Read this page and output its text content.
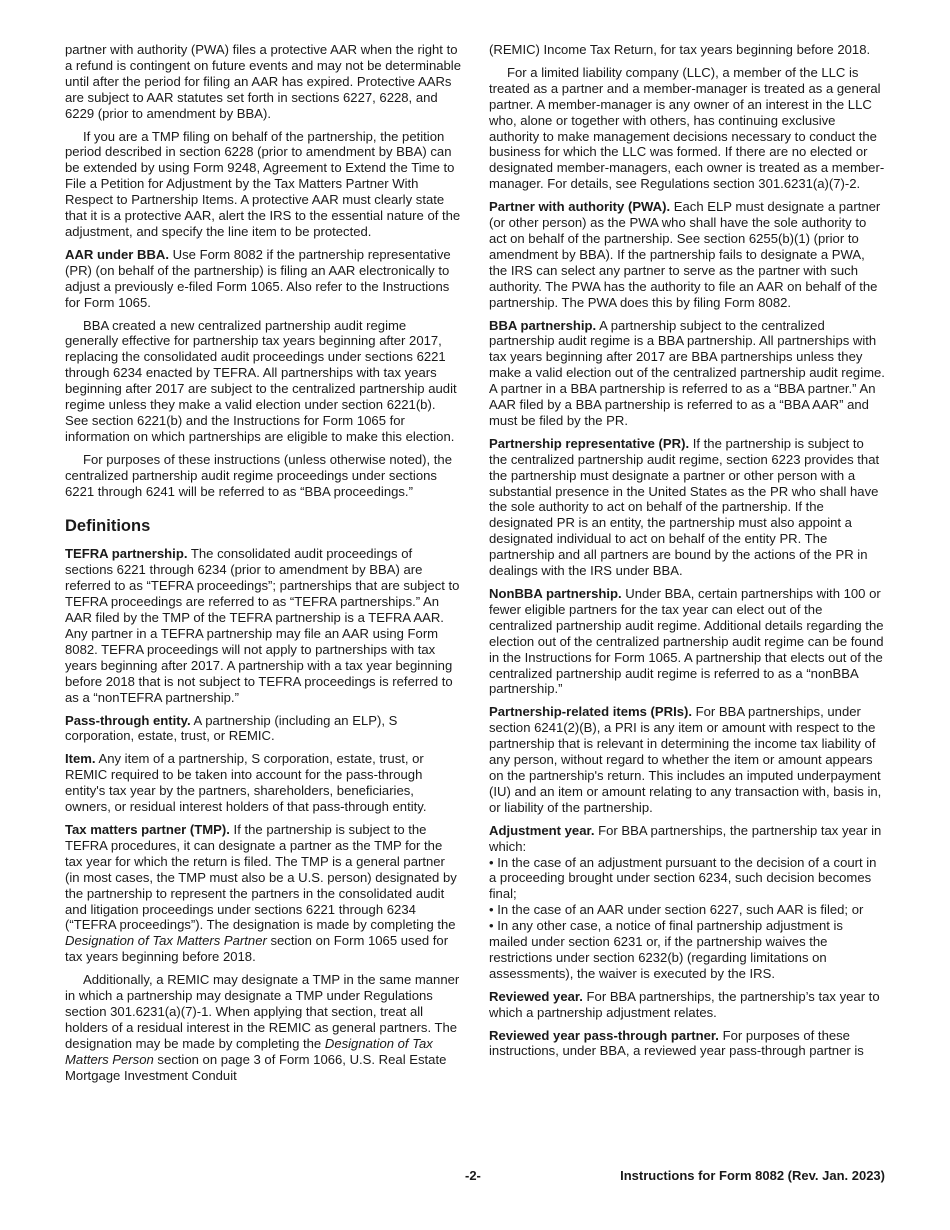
partner with authority (PWA) files a protective AAR when the right to a refund is contingent on future events and may not be determinable until after the period for filing an AAR has expired. Protective AARs are subject to AAR statutes set forth in sections 6227, 6228, and 6229 (prior to amendment by BBA).

If you are a TMP filing on behalf of the partnership, the petition period described in section 6228 (prior to amendment by BBA) can be extended by using Form 9248, Agreement to Extend the Time to File a Petition for Adjustment by the Tax Matters Partner With Respect to Partnership Items. A protective AAR must clearly state that it is a protective AAR, alert the IRS to the essential nature of the adjustment, and specify the line item to be protected.

AAR under BBA. Use Form 8082 if the partnership representative (PR) (on behalf of the partnership) is filing an AAR electronically to adjust a previously e-filed Form 1065. Also refer to the Instructions for Form 1065.

BBA created a new centralized partnership audit regime generally effective for partnership tax years beginning after 2017, replacing the consolidated audit proceedings under sections 6221 through 6234 enacted by TEFRA. All partnerships with tax years beginning after 2017 are subject to the centralized partnership audit regime unless they make a valid election under section 6221(b). See section 6221(b) and the Instructions for Form 1065 for information on which partnerships are eligible to make this election.

For purposes of these instructions (unless otherwise noted), the centralized partnership audit regime proceedings under sections 6221 through 6241 will be referred to as “BBA proceedings.”

Definitions

TEFRA partnership. The consolidated audit proceedings of sections 6221 through 6234 (prior to amendment by BBA) are referred to as “TEFRA proceedings”; partnerships that are subject to TEFRA proceedings are referred to as “TEFRA partnerships.” An AAR filed by the TMP of the TEFRA partnership is a TEFRA AAR. Any partner in a TEFRA partnership may file an AAR using Form 8082. TEFRA proceedings will not apply to partnerships with tax years beginning after 2017. A partnership with a tax year beginning before 2018 that is not subject to TEFRA proceedings is referred to as a “nonTEFRA partnership.”

Pass-through entity. A partnership (including an ELP), S corporation, estate, trust, or REMIC.

Item. Any item of a partnership, S corporation, estate, trust, or REMIC required to be taken into account for the pass-through entity's tax year by the partners, shareholders, beneficiaries, owners, or residual interest holders of that pass-through entity.

Tax matters partner (TMP). If the partnership is subject to the TEFRA procedures, it can designate a partner as the TMP for the tax year for which the return is filed. The TMP is a general partner (in most cases, the TMP must also be a U.S. person) designated by the partnership to represent the partners in the consolidated audit and litigation proceedings under sections 6221 through 6234 (“TEFRA proceedings”). The designation is made by completing the Designation of Tax Matters Partner section on Form 1065 used for tax years beginning before 2018.

Additionally, a REMIC may designate a TMP in the same manner in which a partnership may designate a TMP under Regulations section 301.6231(a)(7)-1. When applying that section, treat all holders of a residual interest in the REMIC as general partners. The designation may be made by completing the Designation of Tax Matters Person section on page 3 of Form 1066, U.S. Real Estate Mortgage Investment Conduit

(REMIC) Income Tax Return, for tax years beginning before 2018.

For a limited liability company (LLC), a member of the LLC is treated as a partner and a member-manager is treated as a general partner. A member-manager is any owner of an interest in the LLC who, alone or together with others, has continuing exclusive authority to make management decisions necessary to conduct the business for which the LLC was formed. If there are no elected or designated member-managers, each owner is treated as a member-manager. For details, see Regulations section 301.6231(a)(7)-2.

Partner with authority (PWA). Each ELP must designate a partner (or other person) as the PWA who shall have the sole authority to act on behalf of the partnership. See section 6255(b)(1) (prior to amendment by BBA). If the partnership fails to designate a PWA, the IRS can select any partner to serve as the partner with such authority. The PWA has the authority to file an AAR on behalf of the partnership. The PWA does this by filing Form 8082.

BBA partnership. A partnership subject to the centralized partnership audit regime is a BBA partnership. All partnerships with tax years beginning after 2017 are BBA partnerships unless they make a valid election out of the centralized partnership audit regime. A partner in a BBA partnership is referred to as a “BBA partner.” An AAR filed by a BBA partnership is referred to as a “BBA AAR” and must be filed by the PR.

Partnership representative (PR). If the partnership is subject to the centralized partnership audit regime, section 6223 provides that the partnership must designate a partner or other person with a substantial presence in the United States as the PR who shall have the sole authority to act on behalf of the partnership. If the designated PR is an entity, the partnership must also appoint a designated individual to act on behalf of the entity PR. The partnership and all partners are bound by the actions of the PR in dealings with the IRS under BBA.

NonBBA partnership. Under BBA, certain partnerships with 100 or fewer eligible partners for the tax year can elect out of the centralized partnership audit regime. Additional details regarding the election out of the centralized partnership audit regime can be found in the Instructions for Form 1065. A partnership that elects out of the centralized partnership audit regime is referred to as a “nonBBA partnership.”

Partnership-related items (PRIs). For BBA partnerships, under section 6241(2)(B), a PRI is any item or amount with respect to the partnership that is relevant in determining the income tax liability of any person, without regard to whether the item or amount appears on the partnership's return. This includes an imputed underpayment (IU) and an item or amount relating to any transaction with, basis in, or liability of the partnership.

Adjustment year. For BBA partnerships, the partnership tax year in which:

• In the case of an adjustment pursuant to the decision of a court in a proceeding brought under section 6234, such decision becomes final;

• In the case of an AAR under section 6227, such AAR is filed; or

• In any other case, a notice of final partnership adjustment is mailed under section 6231 or, if the partnership waives the restrictions under section 6232(b) (regarding limitations on assessments), the waiver is executed by the IRS.

Reviewed year. For BBA partnerships, the partnership’s tax year to which a partnership adjustment relates.

Reviewed year pass-through partner. For purposes of these instructions, under BBA, a reviewed year pass-through partner is

-2-	Instructions for Form 8082 (Rev. Jan. 2023)
